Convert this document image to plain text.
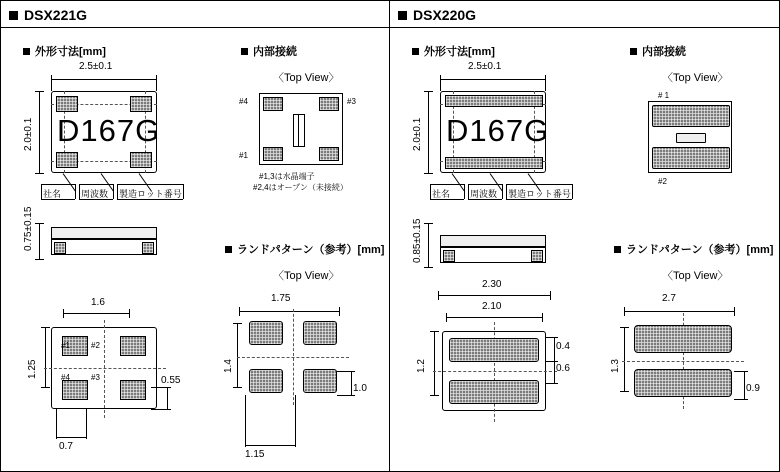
DSX221G
外形寸法[mm]
2.5±0.1
2.0±0.1 D167G
社名 周波数 製造ロット番号
0.75±0.15
1.6
1.25
#1	#2
#4	#3
0.7
0.55
内部接続
〈Top View〉
#4	#3
#1
#1,3は水晶端子
#2,4はオープン（未接続）
ランドパターン（参考）[mm]
〈Top View〉
1.75
1.4
1.15
1.0
DSX220G
外形寸法[mm]
2.5±0.1
2.0±0.1 D167G
社名 周波数 製造ロット番号
0.85±0.15
2.30
2.10
1.2
0.4
0.6
内部接続
〈Top View〉
# 1
#2
ランドパターン（参考）[mm]
〈Top View〉
2.7
1.3
0.9
